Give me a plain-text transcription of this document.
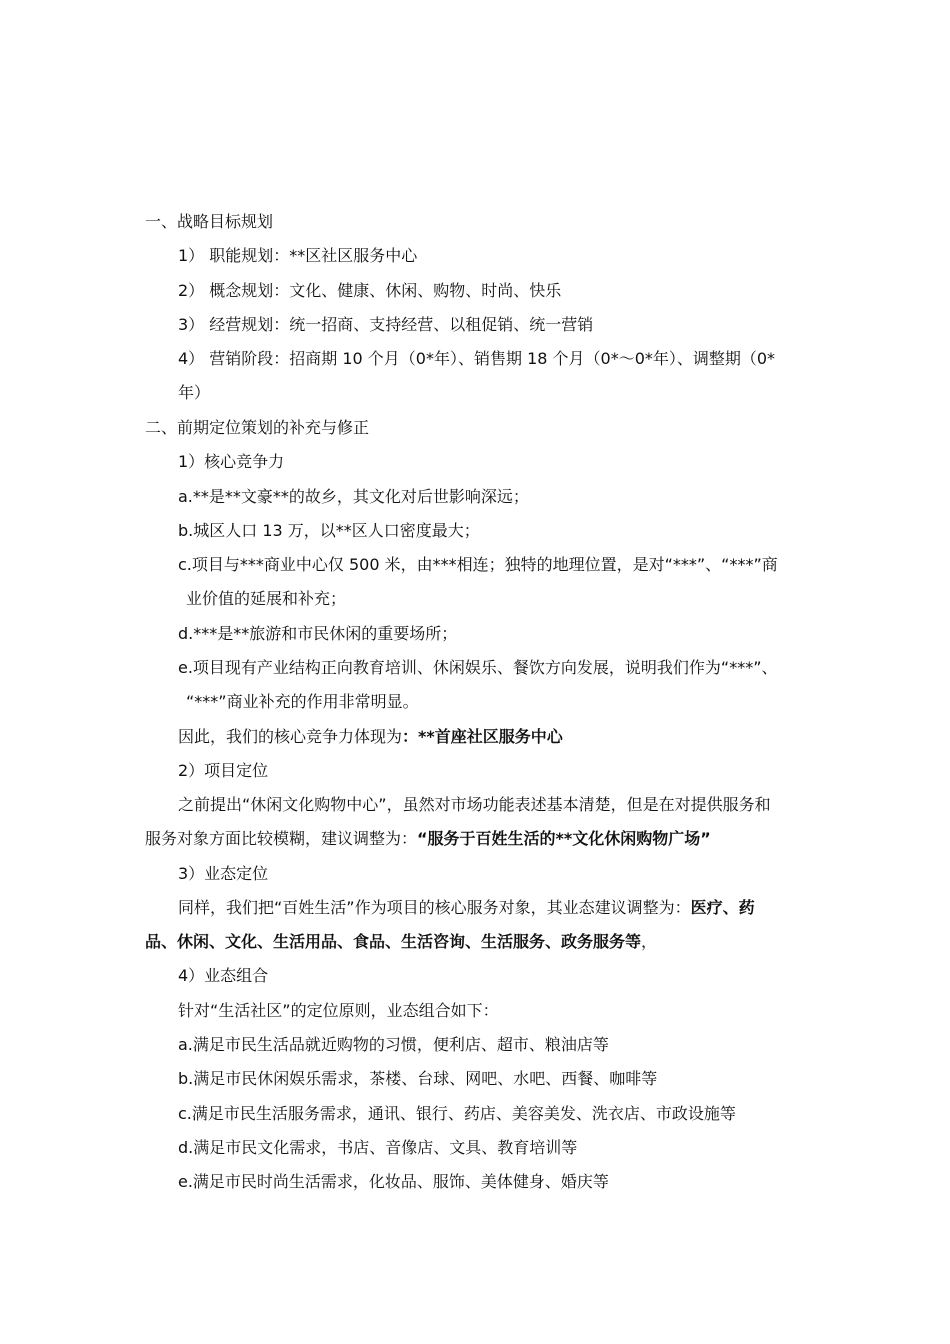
一、战略目标规划

1） 职能规划：**区社区服务中心

2） 概念规划：文化、健康、休闲、购物、时尚、快乐

3） 经营规划：统一招商、支持经营、以租促销、统一营销

4） 营销阶段：招商期 10 个月（0*年）、销售期 18 个月（0*～0*年）、调整期（0*

年）

二、前期定位策划的补充与修正

1）核心竞争力

a.**是**文豪**的故乡，其文化对后世影响深远；

b.城区人口 13 万，以**区人口密度最大；

c.项目与***商业中心仅 500 米，由***相连；独特的地理位置，是对“***”、“***”商

业价值的延展和补充；

d.***是**旅游和市民休闲的重要场所；

e.项目现有产业结构正向教育培训、休闲娱乐、餐饮方向发展，说明我们作为“***”、

“***”商业补充的作用非常明显。

因此，我们的核心竞争力体现为：**首座社区服务中心

2）项目定位

之前提出“休闲文化购物中心”，虽然对市场功能表述基本清楚，但是在对提供服务和

服务对象方面比较模糊，建议调整为：“服务于百姓生活的**文化休闲购物广场”

3）业态定位

同样，我们把“百姓生活”作为项目的核心服务对象，其业态建议调整为：医疗、药

品、休闲、文化、生活用品、食品、生活咨询、生活服务、政务服务等，

4）业态组合

针对“生活社区”的定位原则，业态组合如下：

a.满足市民生活品就近购物的习惯，便利店、超市、粮油店等

b.满足市民休闲娱乐需求，茶楼、台球、网吧、水吧、西餐、咖啡等

c.满足市民生活服务需求，通讯、银行、药店、美容美发、洗衣店、市政设施等

d.满足市民文化需求，书店、音像店、文具、教育培训等

e.满足市民时尚生活需求，化妆品、服饰、美体健身、婚庆等
